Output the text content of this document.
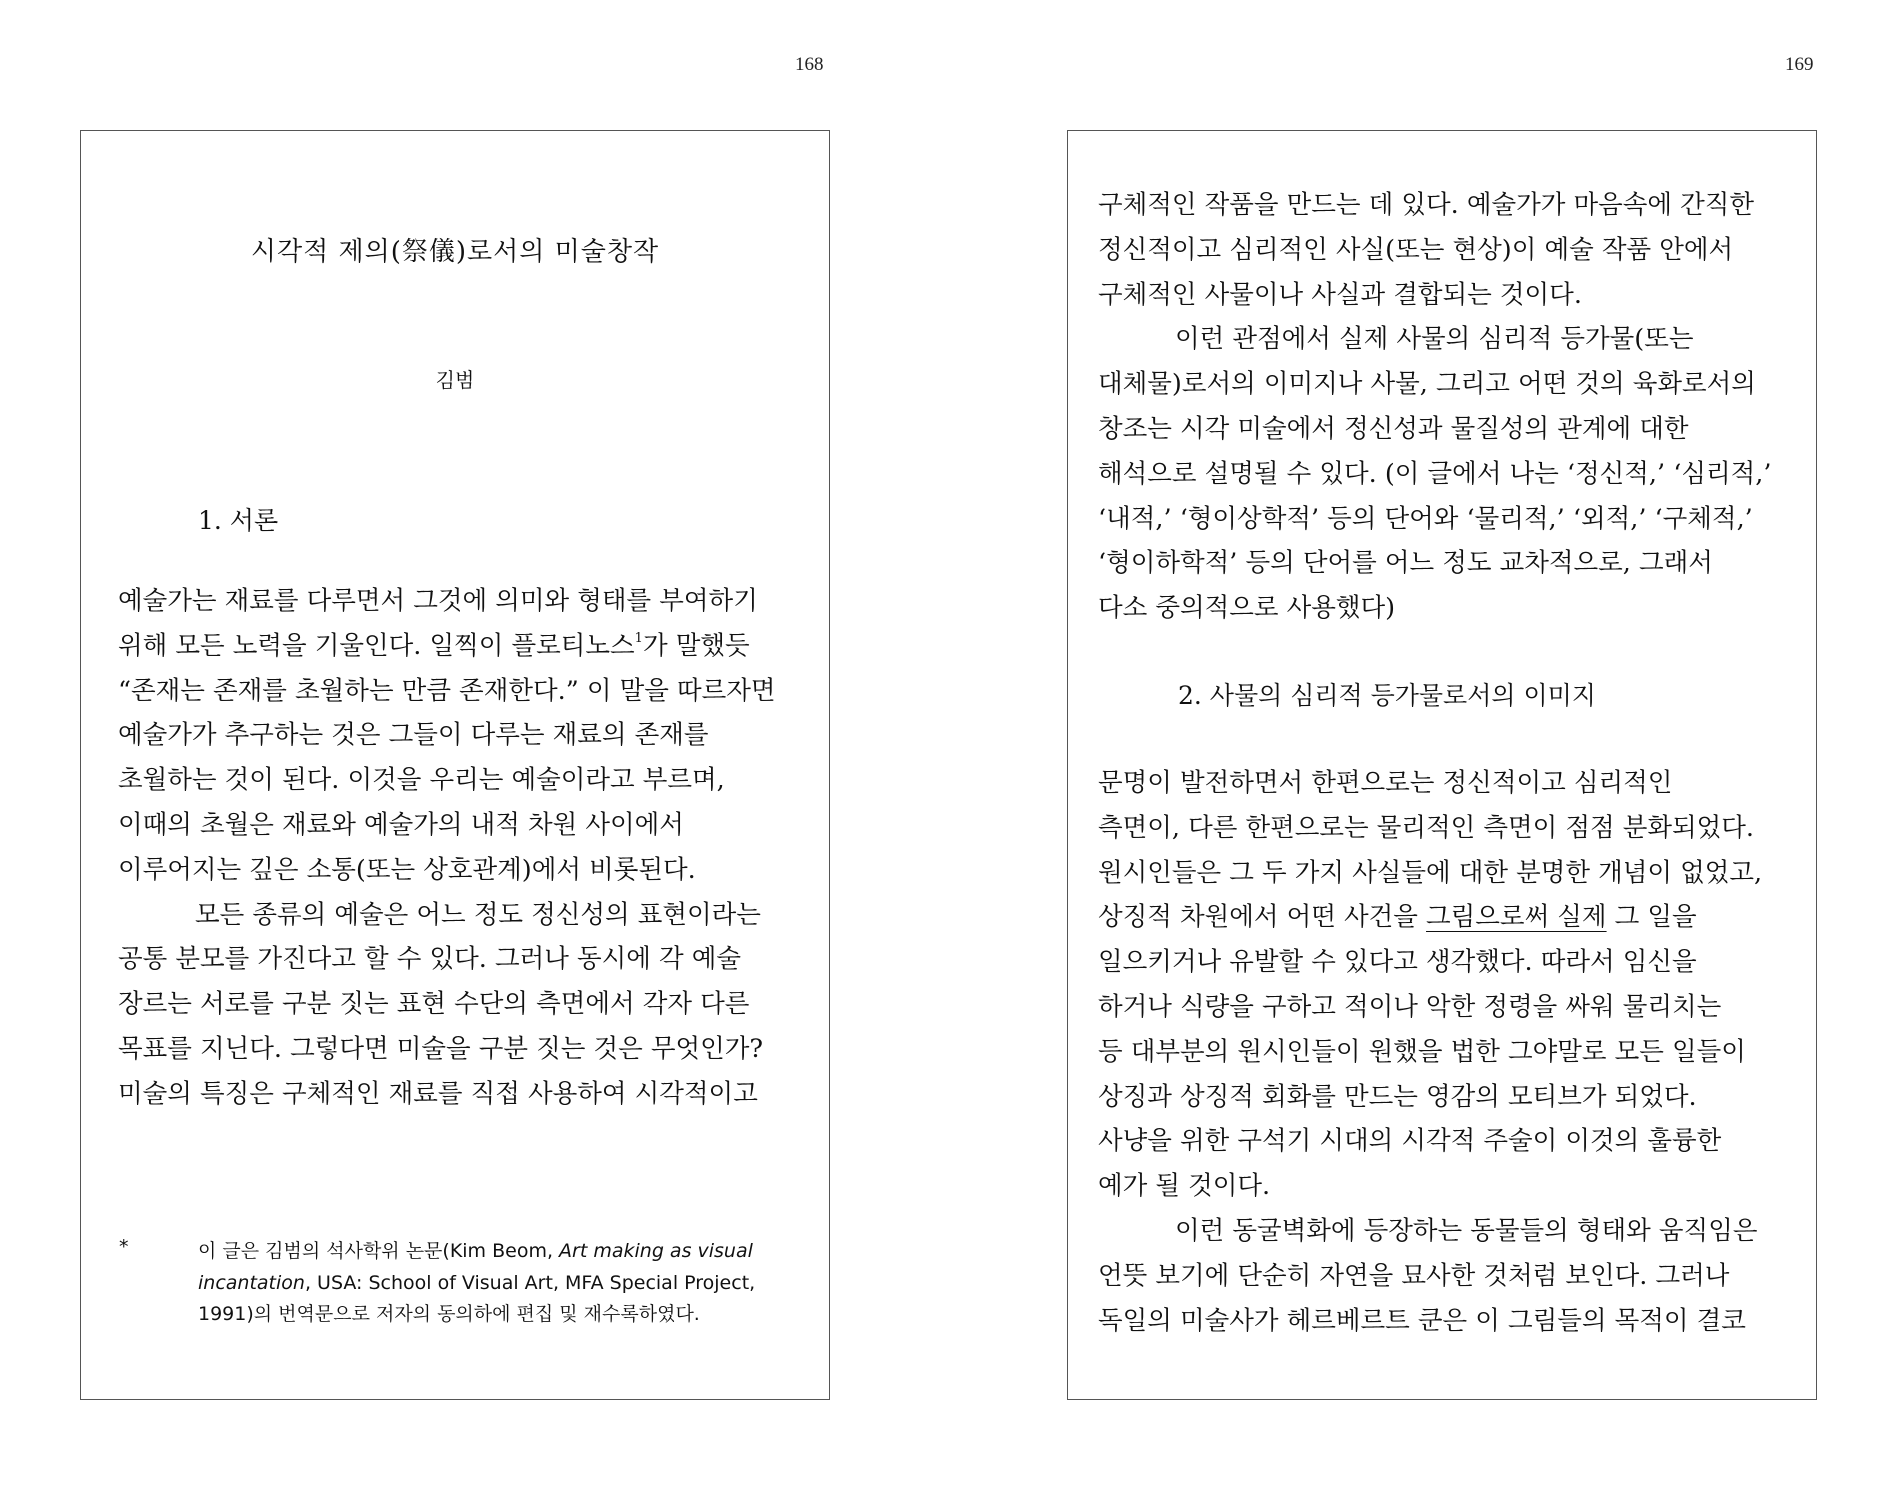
168	169
시각적 제의(祭儀)로서의 미술창작
김범
1. 서론
예술가는 재료를 다루면서 그것에 의미와 형태를 부여하기
위해 모든 노력을 기울인다. 일찍이 플로티노스$^1$가 말했듯
“존재는 존재를 초월하는 만큼 존재한다.” 이 말을 따르자면
예술가가 추구하는 것은 그들이 다루는 재료의 존재를
초월하는 것이 된다. 이것을 우리는 예술이라고 부르며,
이때의 초월은 재료와 예술가의 내적 차원 사이에서
이루어지는 깊은 소통(또는 상호관계)에서 비롯된다.
모든 종류의 예술은 어느 정도 정신성의 표현이라는
공통 분모를 가진다고 할 수 있다. 그러나 동시에 각 예술
장르는 서로를 구분 짓는 표현 수단의 측면에서 각자 다른
목표를 지닌다. 그렇다면 미술을 구분 짓는 것은 무엇인가?
미술의 특징은 구체적인 재료를 직접 사용하여 시각적이고
*	이 글은 김범의 석사학위 논문(Kim Beom, Art making as visual
incantation, USA: School of Visual Art, MFA Special Project,
1991)의 번역문으로 저자의 동의하에 편집 및 재수록하였다.
구체적인 작품을 만드는 데 있다. 예술가가 마음속에 간직한
정신적이고 심리적인 사실(또는 현상)이 예술 작품 안에서
구체적인 사물이나 사실과 결합되는 것이다.
이런 관점에서 실제 사물의 심리적 등가물(또는
대체물)로서의 이미지나 사물, 그리고 어떤 것의 육화로서의
창조는 시각 미술에서 정신성과 물질성의 관계에 대한
해석으로 설명될 수 있다. (이 글에서 나는 ‘정신적,’ ‘심리적,’
‘내적,’ ‘형이상학적’ 등의 단어와 ‘물리적,’ ‘외적,’ ‘구체적,’
‘형이하학적’ 등의 단어를 어느 정도 교차적으로, 그래서
다소 중의적으로 사용했다)
2. 사물의 심리적 등가물로서의 이미지
문명이 발전하면서 한편으로는 정신적이고 심리적인
측면이, 다른 한편으로는 물리적인 측면이 점점 분화되었다.
원시인들은 그 두 가지 사실들에 대한 분명한 개념이 없었고,
상징적 차원에서 어떤 사건을 그림으로써 실제 그 일을
일으키거나 유발할 수 있다고 생각했다. 따라서 임신을
하거나 식량을 구하고 적이나 악한 정령을 싸워 물리치는
등 대부분의 원시인들이 원했을 법한 그야말로 모든 일들이
상징과 상징적 회화를 만드는 영감의 모티브가 되었다.
사냥을 위한 구석기 시대의 시각적 주술이 이것의 훌륭한
예가 될 것이다.
이런 동굴벽화에 등장하는 동물들의 형태와 움직임은
언뜻 보기에 단순히 자연을 묘사한 것처럼 보인다. 그러나
독일의 미술사가 헤르베르트 쿤은 이 그림들의 목적이 결코
